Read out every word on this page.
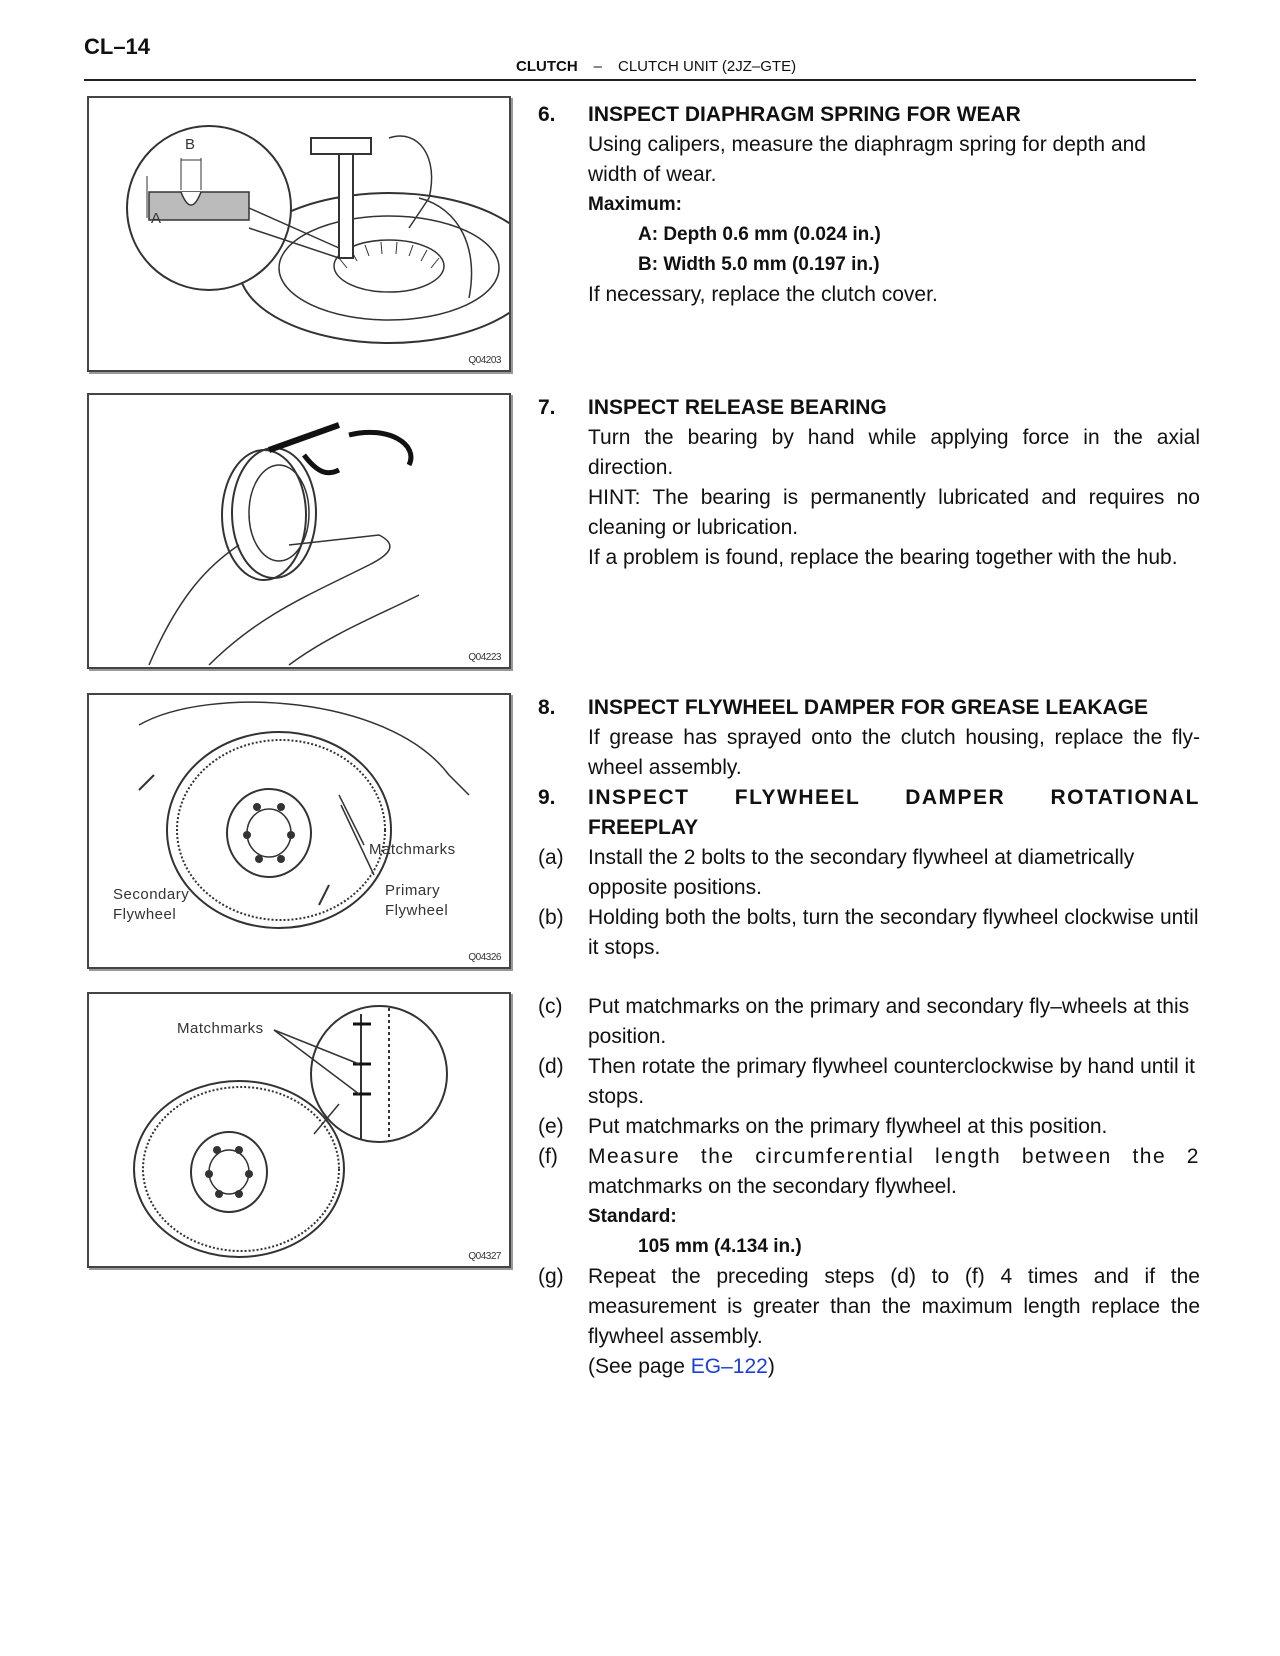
CL–14
CLUTCH – CLUTCH UNIT (2JZ–GTE)
B
A
Q04203
Q04223
Matchmarks
Primary Flywheel
Secondary Flywheel
Q04326
Matchmarks
Q04327
6.	INSPECT DIAPHRAGM SPRING FOR WEAR
Using calipers, measure the diaphragm spring for depth and width of wear.
Maximum:
A: Depth 0.6 mm (0.024 in.)
B: Width 5.0 mm (0.197 in.)
If necessary, replace the clutch cover.
7.	INSPECT RELEASE BEARING
Turn the bearing by hand while applying force in the axial direction.
HINT: The bearing is permanently lubricated and requires no cleaning or lubrication.
If a problem is found, replace the bearing together with the hub.
8.	INSPECT FLYWHEEL DAMPER FOR GREASE LEAKAGE
If grease has sprayed onto the clutch housing, replace the fly-wheel assembly.
9.	INSPECT FLYWHEEL DAMPER ROTATIONAL
FREEPLAY
(a)	Install the 2 bolts to the secondary flywheel at diametrically opposite positions.
(b)	Holding both the bolts, turn the secondary flywheel clockwise until it stops.
(c)	Put matchmarks on the primary and secondary fly–wheels at this position.
(d)	Then rotate the primary flywheel counterclockwise by hand until it stops.
(e)	Put matchmarks on the primary flywheel at this position.
(f)	Measure the circumferential length between the 2
matchmarks on the secondary flywheel.
Standard:
105 mm (4.134 in.)
(g)	Repeat the preceding steps (d) to (f) 4 times and if the measurement is greater than the maximum length replace the flywheel assembly.
(See page EG–122)
